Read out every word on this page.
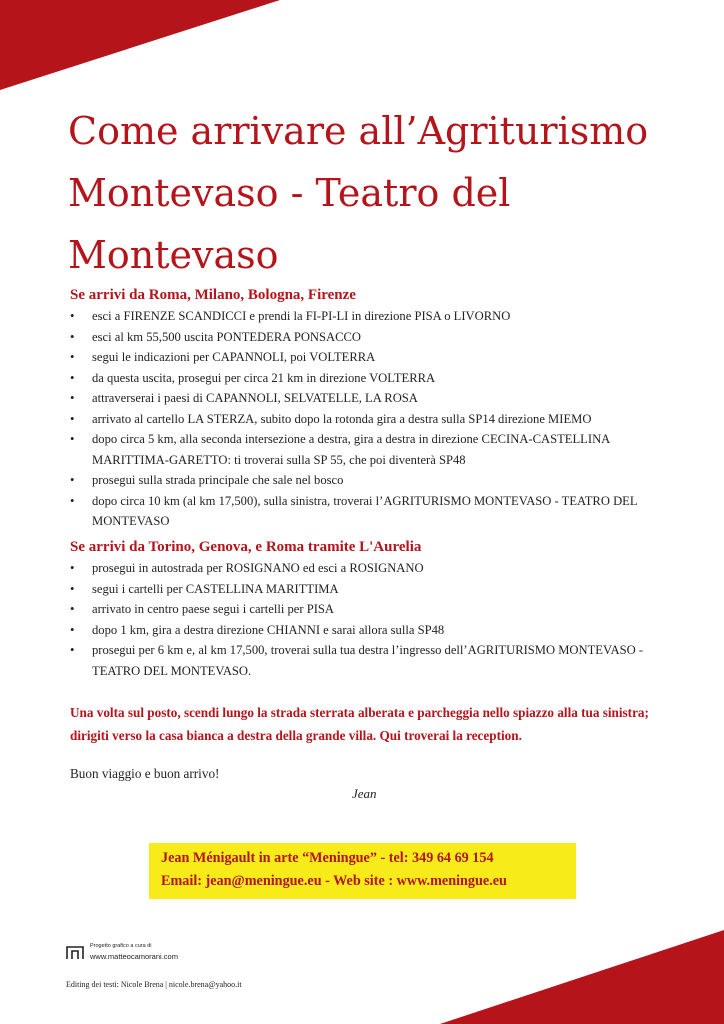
Come arrivare all’Agriturismo
Montevaso - Teatro del Montevaso
Se arrivi da Roma, Milano, Bologna, Firenze
• esci a FIRENZE SCANDICCI e prendi la FI-PI-LI in direzione PISA o LIVORNO
• esci al km 55,500 uscita PONTEDERA PONSACCO
• segui le indicazioni per CAPANNOLI, poi VOLTERRA
• da questa uscita, prosegui per circa 21 km in direzione VOLTERRA
• attraverserai i paesi di CAPANNOLI, SELVATELLE, LA ROSA
• arrivato al cartello LA STERZA, subito dopo la rotonda gira a destra sulla SP14 direzione MIEMO
• dopo circa 5 km, alla seconda intersezione a destra, gira a destra in direzione CECINA-CASTELLINA MARITTIMA-GARETTO: ti troverai sulla SP 55, che poi diventerà SP48
• prosegui sulla strada principale che sale nel bosco
• dopo circa 10 km (al km 17,500), sulla sinistra, troverai l’AGRITURISMO MONTEVASO - TEATRO DEL MONTEVASO
Se arrivi da Torino, Genova, e Roma tramite L'Aurelia
• prosegui in autostrada per ROSIGNANO ed esci a ROSIGNANO
• segui i cartelli per CASTELLINA MARITTIMA
• arrivato in centro paese segui i cartelli per PISA
• dopo 1 km, gira a destra direzione CHIANNI e sarai allora sulla SP48
• prosegui per 6 km e, al km 17,500, troverai sulla tua destra l’ingresso dell’AGRITURISMO MONTEVASO - TEATRO DEL MONTEVASO.

Una volta sul posto, scendi lungo la strada sterrata alberata e parcheggia nello spiazzo alla tua sinistra; dirigiti verso la casa bianca a destra della grande villa. Qui troverai la reception.

Buon viaggio e buon arrivo!

Jean

Jean Ménigault in arte “Meningue” - tel: 349 64 69 154

Email: jean@meningue.eu - Web site : www.meningue.eu

Progetto grafico a cura di
www.matteocamorani.com
Editing dei testi: Nicole Brena | nicole.brena@yahoo.it
